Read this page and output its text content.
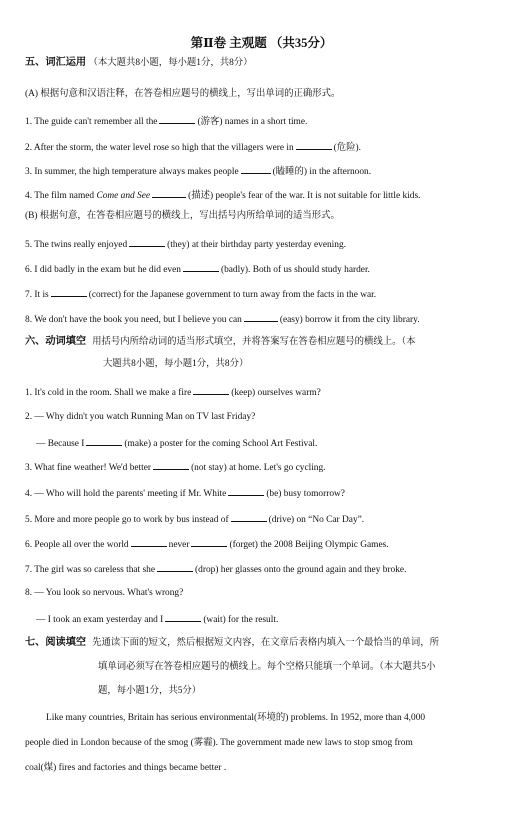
第Ⅱ卷 主观题 （共35分）
五、词汇运用 （本大题共8小题，每小题1分，共8分）
(A) 根据句意和汉语注释，在答卷相应题号的横线上，写出单词的正确形式。
1. The guide can't remember all the	(游客) names in a short time.
2. After the storm, the water level rose so high that the villagers were in	(危险).
3. In summer, the high temperature always makes people	(瞌睡的) in the afternoon.
4. The film named Come and See	(描述) people's fear of the war. It is not suitable for little kids.
(B) 根据句意，在答卷相应题号的横线上，写出括号内所给单词的适当形式。
5. The twins really enjoyed	(they) at their birthday party yesterday evening.
6. I did badly in the exam but he did even	(badly). Both of us should study harder.
7. It is	(correct) for the Japanese government to turn away from the facts in the war.
8. We don't have the book you need, but I believe you can	(easy) borrow it from the city library.
六、动词填空 用括号内所给动词的适当形式填空，并将答案写在答卷相应题号的横线上。（本
大题共8小题，每小题1分，共8分）
1. It's cold in the room. Shall we make a fire	(keep) ourselves warm?
2. — Why didn't you watch Running Man on TV last Friday?
— Because I	(make) a poster for the coming School Art Festival.
3. What fine weather! We'd better	(not stay) at home. Let's go cycling.
4. — Who will hold the parents' meeting if Mr. White	(be) busy tomorrow?
5. More and more people go to work by bus instead of	(drive) on “No Car Day”.
6. People all over the world	never	(forget) the 2008 Beijing Olympic Games.
7. The girl was so careless that she	(drop) her glasses onto the ground again and they broke.
8. — You look so nervous. What's wrong?
— I took an exam yesterday and I	(wait) for the result.
七、阅读填空 先通读下面的短文，然后根据短文内容，在文章后表格内填入一个最恰当的单词，所
填单词必须写在答卷相应题号的横线上。每个空格只能填一个单词。（本大题共5小
题，每小题1分，共5分）
Like many countries, Britain has serious environmental(环境的) problems. In 1952, more than 4,000
people died in London because of the smog (雾霾). The government made new laws to stop smog from
coal(煤) fires and factories and things became better .
